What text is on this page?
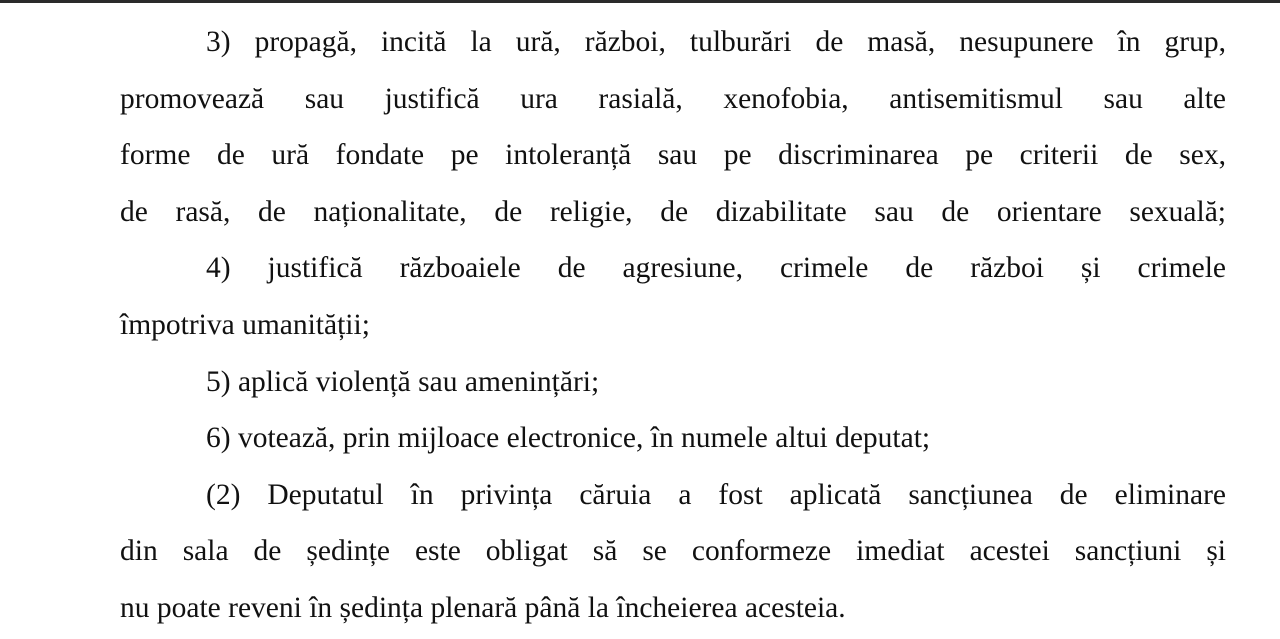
3) propagă, incită la ură, război, tulburări de masă, nesupunere în grup,
promovează sau justifică ura rasială, xenofobia, antisemitismul sau alte
forme de ură fondate pe intoleranță sau pe discriminarea pe criterii de sex,
de rasă, de naționalitate, de religie, de dizabilitate sau de orientare sexuală;
4) justifică războaiele de agresiune, crimele de război și crimele
împotriva umanității;
5) aplică violență sau amenințări;
6) votează, prin mijloace electronice, în numele altui deputat;
(2) Deputatul în privința căruia a fost aplicată sancțiunea de eliminare
din sala de ședințe este obligat să se conformeze imediat acestei sancțiuni și
nu poate reveni în ședința plenară până la încheierea acesteia.
